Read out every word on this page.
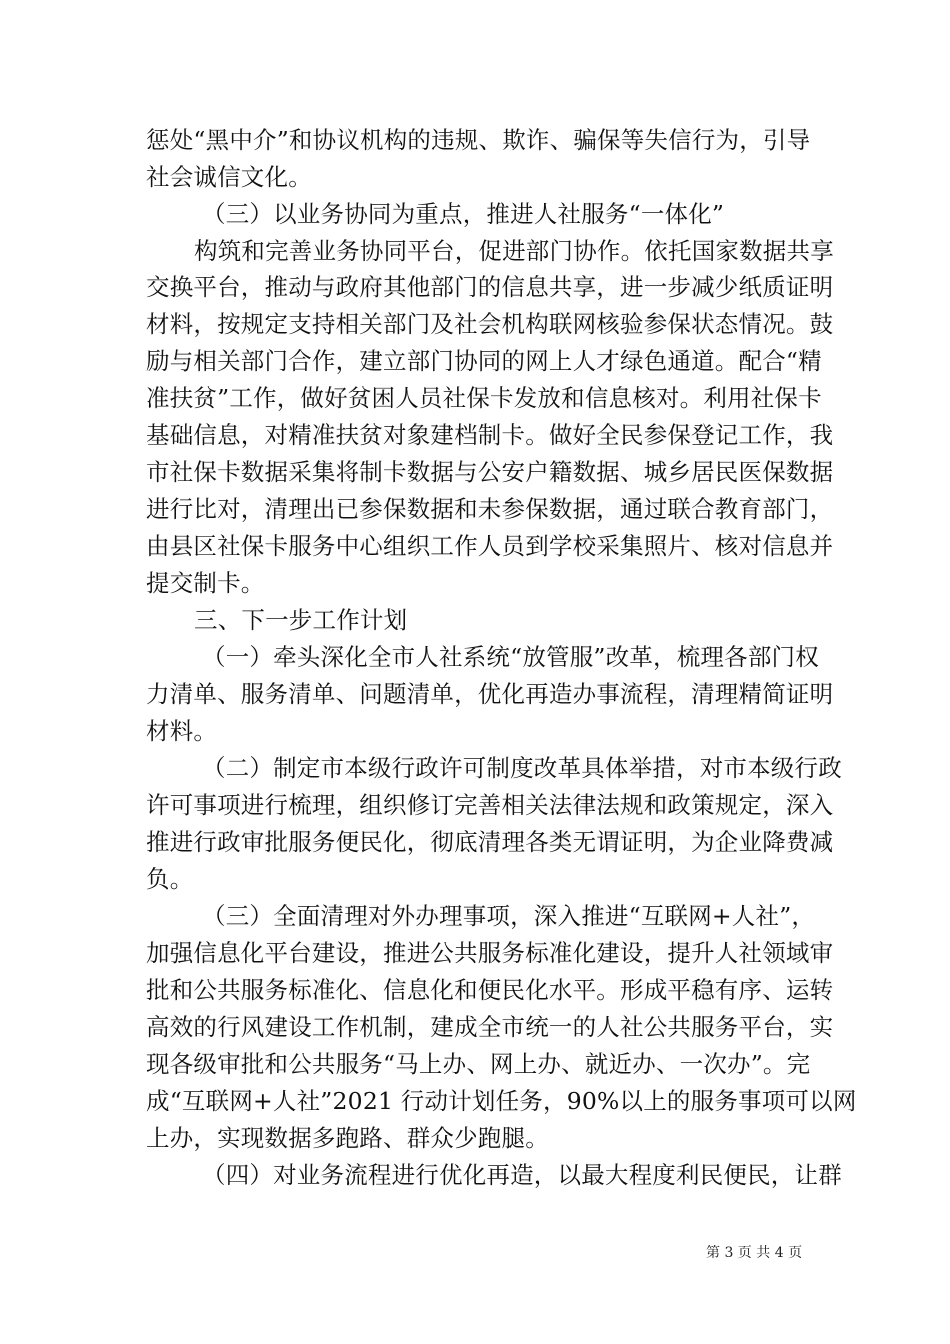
惩处“黑中介”和协议机构的违规、欺诈、骗保等失信行为，引导
社会诚信文化。
（三）以业务协同为重点，推进人社服务“一体化”
构筑和完善业务协同平台，促进部门协作。依托国家数据共享
交换平台，推动与政府其他部门的信息共享，进一步减少纸质证明
材料，按规定支持相关部门及社会机构联网核验参保状态情况。鼓
励与相关部门合作，建立部门协同的网上人才绿色通道。配合“精
准扶贫”工作，做好贫困人员社保卡发放和信息核对。利用社保卡
基础信息，对精准扶贫对象建档制卡。做好全民参保登记工作，我
市社保卡数据采集将制卡数据与公安户籍数据、城乡居民医保数据
进行比对，清理出已参保数据和未参保数据，通过联合教育部门，
由县区社保卡服务中心组织工作人员到学校采集照片、核对信息并
提交制卡。
三、下一步工作计划
（一）牵头深化全市人社系统“放管服”改革，梳理各部门权
力清单、服务清单、问题清单，优化再造办事流程，清理精简证明
材料。
（二）制定市本级行政许可制度改革具体举措，对市本级行政
许可事项进行梳理，组织修订完善相关法律法规和政策规定，深入
推进行政审批服务便民化，彻底清理各类无谓证明，为企业降费减
负。
（三）全面清理对外办理事项，深入推进“互联网+人社”，
加强信息化平台建设，推进公共服务标准化建设，提升人社领域审
批和公共服务标准化、信息化和便民化水平。形成平稳有序、运转
高效的行风建设工作机制，建成全市统一的人社公共服务平台，实
现各级审批和公共服务“马上办、网上办、就近办、一次办”。完
成“互联网+人社”2021 行动计划任务，90%以上的服务事项可以网
上办，实现数据多跑路、群众少跑腿。
（四）对业务流程进行优化再造，以最大程度利民便民，让群
第 3 页 共 4 页
